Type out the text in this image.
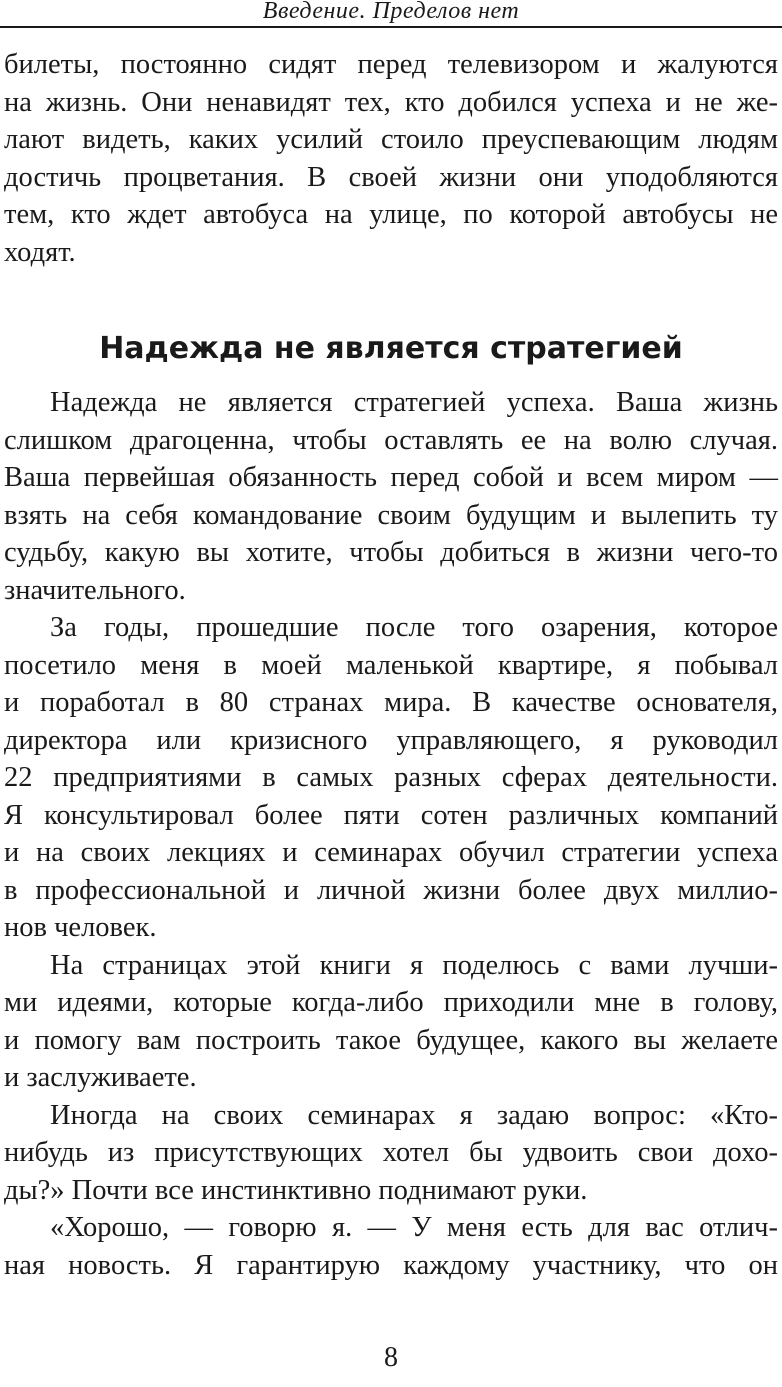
Введение. Пределов нет
билеты, постоянно сидят перед телевизором и жалуются
на жизнь. Они ненавидят тех, кто добился успеха и не же-
лают видеть, каких усилий стоило преуспевающим людям
достичь процветания. В своей жизни они уподобляются
тем, кто ждет автобуса на улице, по которой автобусы не
ходят.
Надежда не является стратегией
Надежда не является стратегией успеха. Ваша жизнь
слишком драгоценна, чтобы оставлять ее на волю случая.
Ваша первейшая обязанность перед собой и всем миром —
взять на себя командование своим будущим и вылепить ту
судьбу, какую вы хотите, чтобы добиться в жизни чего-то
значительного.
За годы, прошедшие после того озарения, которое
посетило меня в моей маленькой квартире, я побывал
и поработал в 80 странах мира. В качестве основателя,
директора или кризисного управляющего, я руководил
22 предприятиями в самых разных сферах деятельности.
Я консультировал более пяти сотен различных компаний
и на своих лекциях и семинарах обучил стратегии успеха
в профессиональной и личной жизни более двух миллио-
нов человек.
На страницах этой книги я поделюсь с вами лучши-
ми идеями, которые когда-либо приходили мне в голову,
и помогу вам построить такое будущее, какого вы желаете
и заслуживаете.
Иногда на своих семинарах я задаю вопрос: «Кто-
нибудь из присутствующих хотел бы удвоить свои дохо-
ды?» Почти все инстинктивно поднимают руки.
«Хорошо, — говорю я. — У меня есть для вас отлич-
ная новость. Я гарантирую каждому участнику, что он
8
